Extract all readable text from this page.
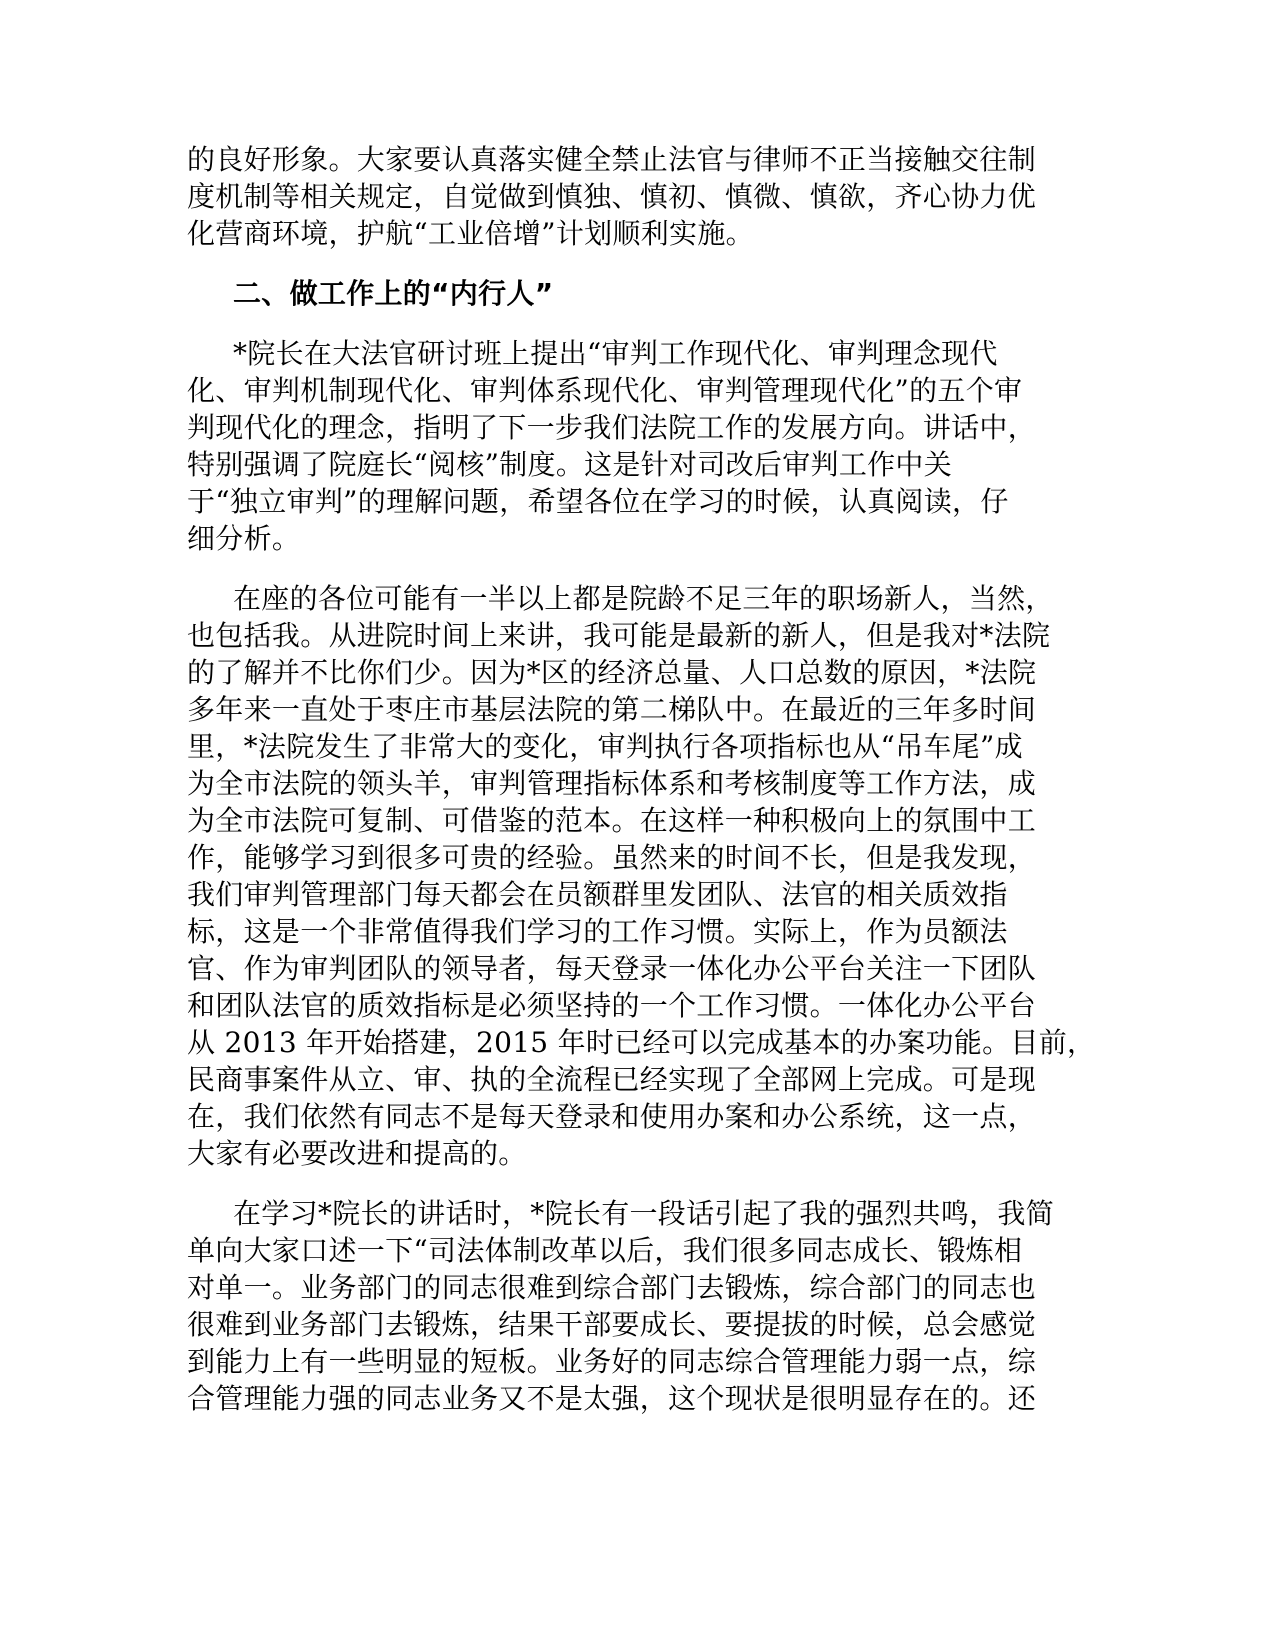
的良好形象。大家要认真落实健全禁止法官与律师不正当接触交往制
度机制等相关规定，自觉做到慎独、慎初、慎微、慎欲，齐心协力优
化营商环境，护航“工业倍增”计划顺利实施。
二、做工作上的“内行人”
*院长在大法官研讨班上提出“审判工作现代化、审判理念现代
化、审判机制现代化、审判体系现代化、审判管理现代化”的五个审
判现代化的理念，指明了下一步我们法院工作的发展方向。讲话中，
特别强调了院庭长“阅核”制度。这是针对司改后审判工作中关
于“独立审判”的理解问题，希望各位在学习的时候，认真阅读，仔
细分析。
在座的各位可能有一半以上都是院龄不足三年的职场新人，当然，
也包括我。从进院时间上来讲，我可能是最新的新人，但是我对*法院
的了解并不比你们少。因为*区的经济总量、人口总数的原因，*法院
多年来一直处于枣庄市基层法院的第二梯队中。在最近的三年多时间
里，*法院发生了非常大的变化，审判执行各项指标也从“吊车尾”成
为全市法院的领头羊，审判管理指标体系和考核制度等工作方法，成
为全市法院可复制、可借鉴的范本。在这样一种积极向上的氛围中工
作，能够学习到很多可贵的经验。虽然来的时间不长，但是我发现，
我们审判管理部门每天都会在员额群里发团队、法官的相关质效指
标，这是一个非常值得我们学习的工作习惯。实际上，作为员额法
官、作为审判团队的领导者，每天登录一体化办公平台关注一下团队
和团队法官的质效指标是必须坚持的一个工作习惯。一体化办公平台
从 2013 年开始搭建，2015 年时已经可以完成基本的办案功能。目前，
民商事案件从立、审、执的全流程已经实现了全部网上完成。可是现
在，我们依然有同志不是每天登录和使用办案和办公系统，这一点，
大家有必要改进和提高的。
在学习*院长的讲话时，*院长有一段话引起了我的强烈共鸣，我简
单向大家口述一下“司法体制改革以后，我们很多同志成长、锻炼相
对单一。业务部门的同志很难到综合部门去锻炼，综合部门的同志也
很难到业务部门去锻炼，结果干部要成长、要提拔的时候，总会感觉
到能力上有一些明显的短板。业务好的同志综合管理能力弱一点，综
合管理能力强的同志业务又不是太强，这个现状是很明显存在的。还
